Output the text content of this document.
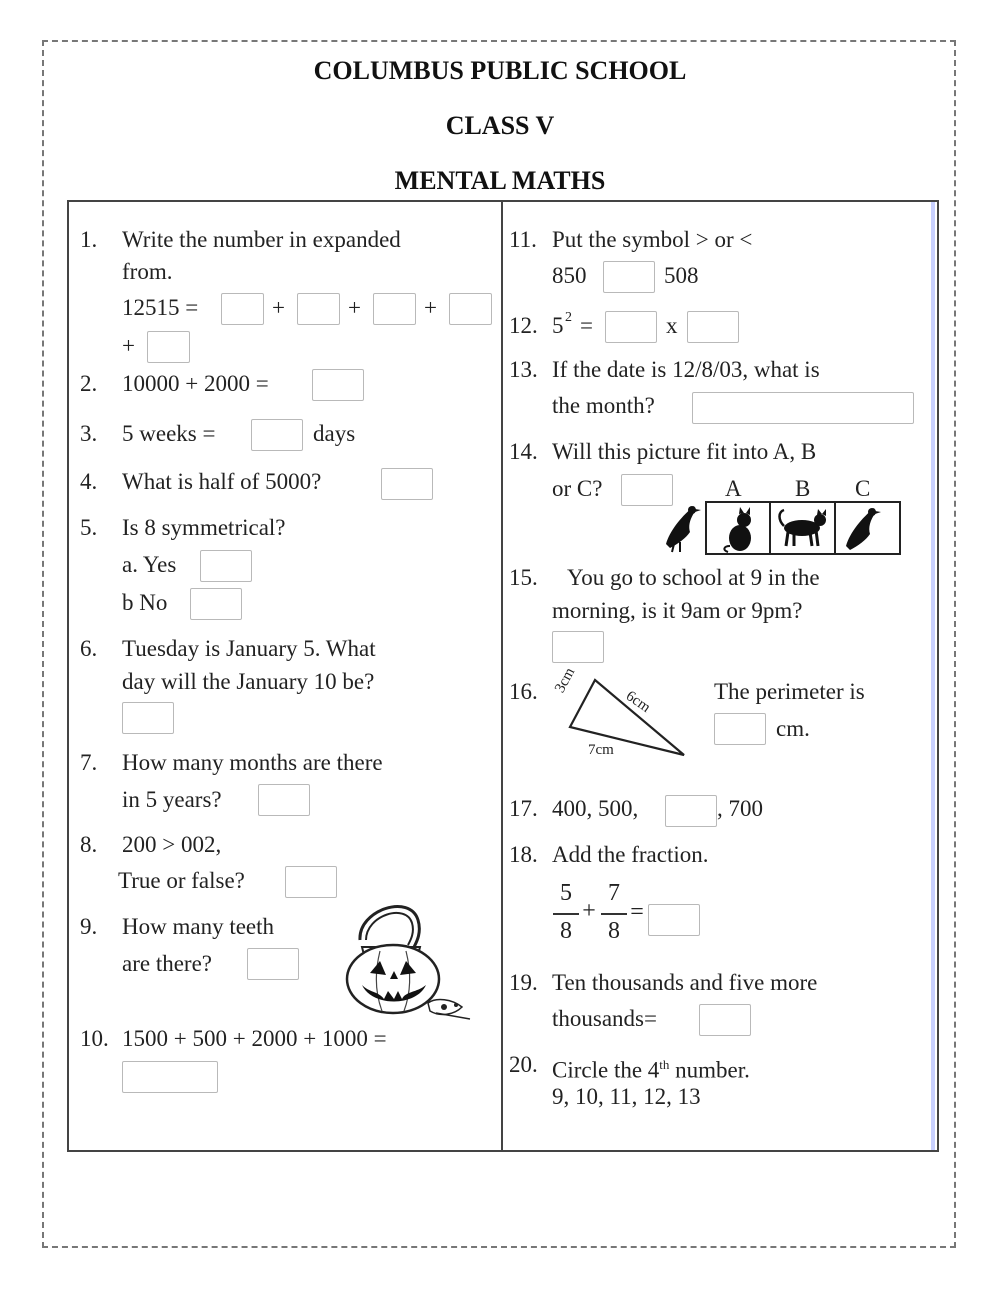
COLUMBUS PUBLIC SCHOOL
CLASS V
MENTAL MATHS
1. Write the number in expanded
from.
12515 =	+	+	+
+
2. 10000 + 2000 =
3. 5 weeks =	days
4. What is half of 5000?
5. Is 8 symmetrical?
a. Yes
b No
6. Tuesday is January 5. What
day will the January 10 be?
7. How many months are there
in 5 years?
8. 200 > 002,
True or false?
9. How many teeth
are there?
10. 1500 + 500 + 2000 + 1000 =
11. Put the symbol > or <
850	508
12. 5 2 =	x
13. If the date is 12/8/03, what is
the month?
14. Will this picture fit into A, B
or C?	A B C
15. You go to school at 9 in the
morning, is it 9am or 9pm?
16.	The perimeter is
cm.
3cm
6cm
7cm
17. 400, 500,	, 700
18. Add the fraction.
5
8
+
7
8
=
19. Ten thousands and five more
thousands=
20. Circle the 4th number.
9, 10, 11, 12, 13
